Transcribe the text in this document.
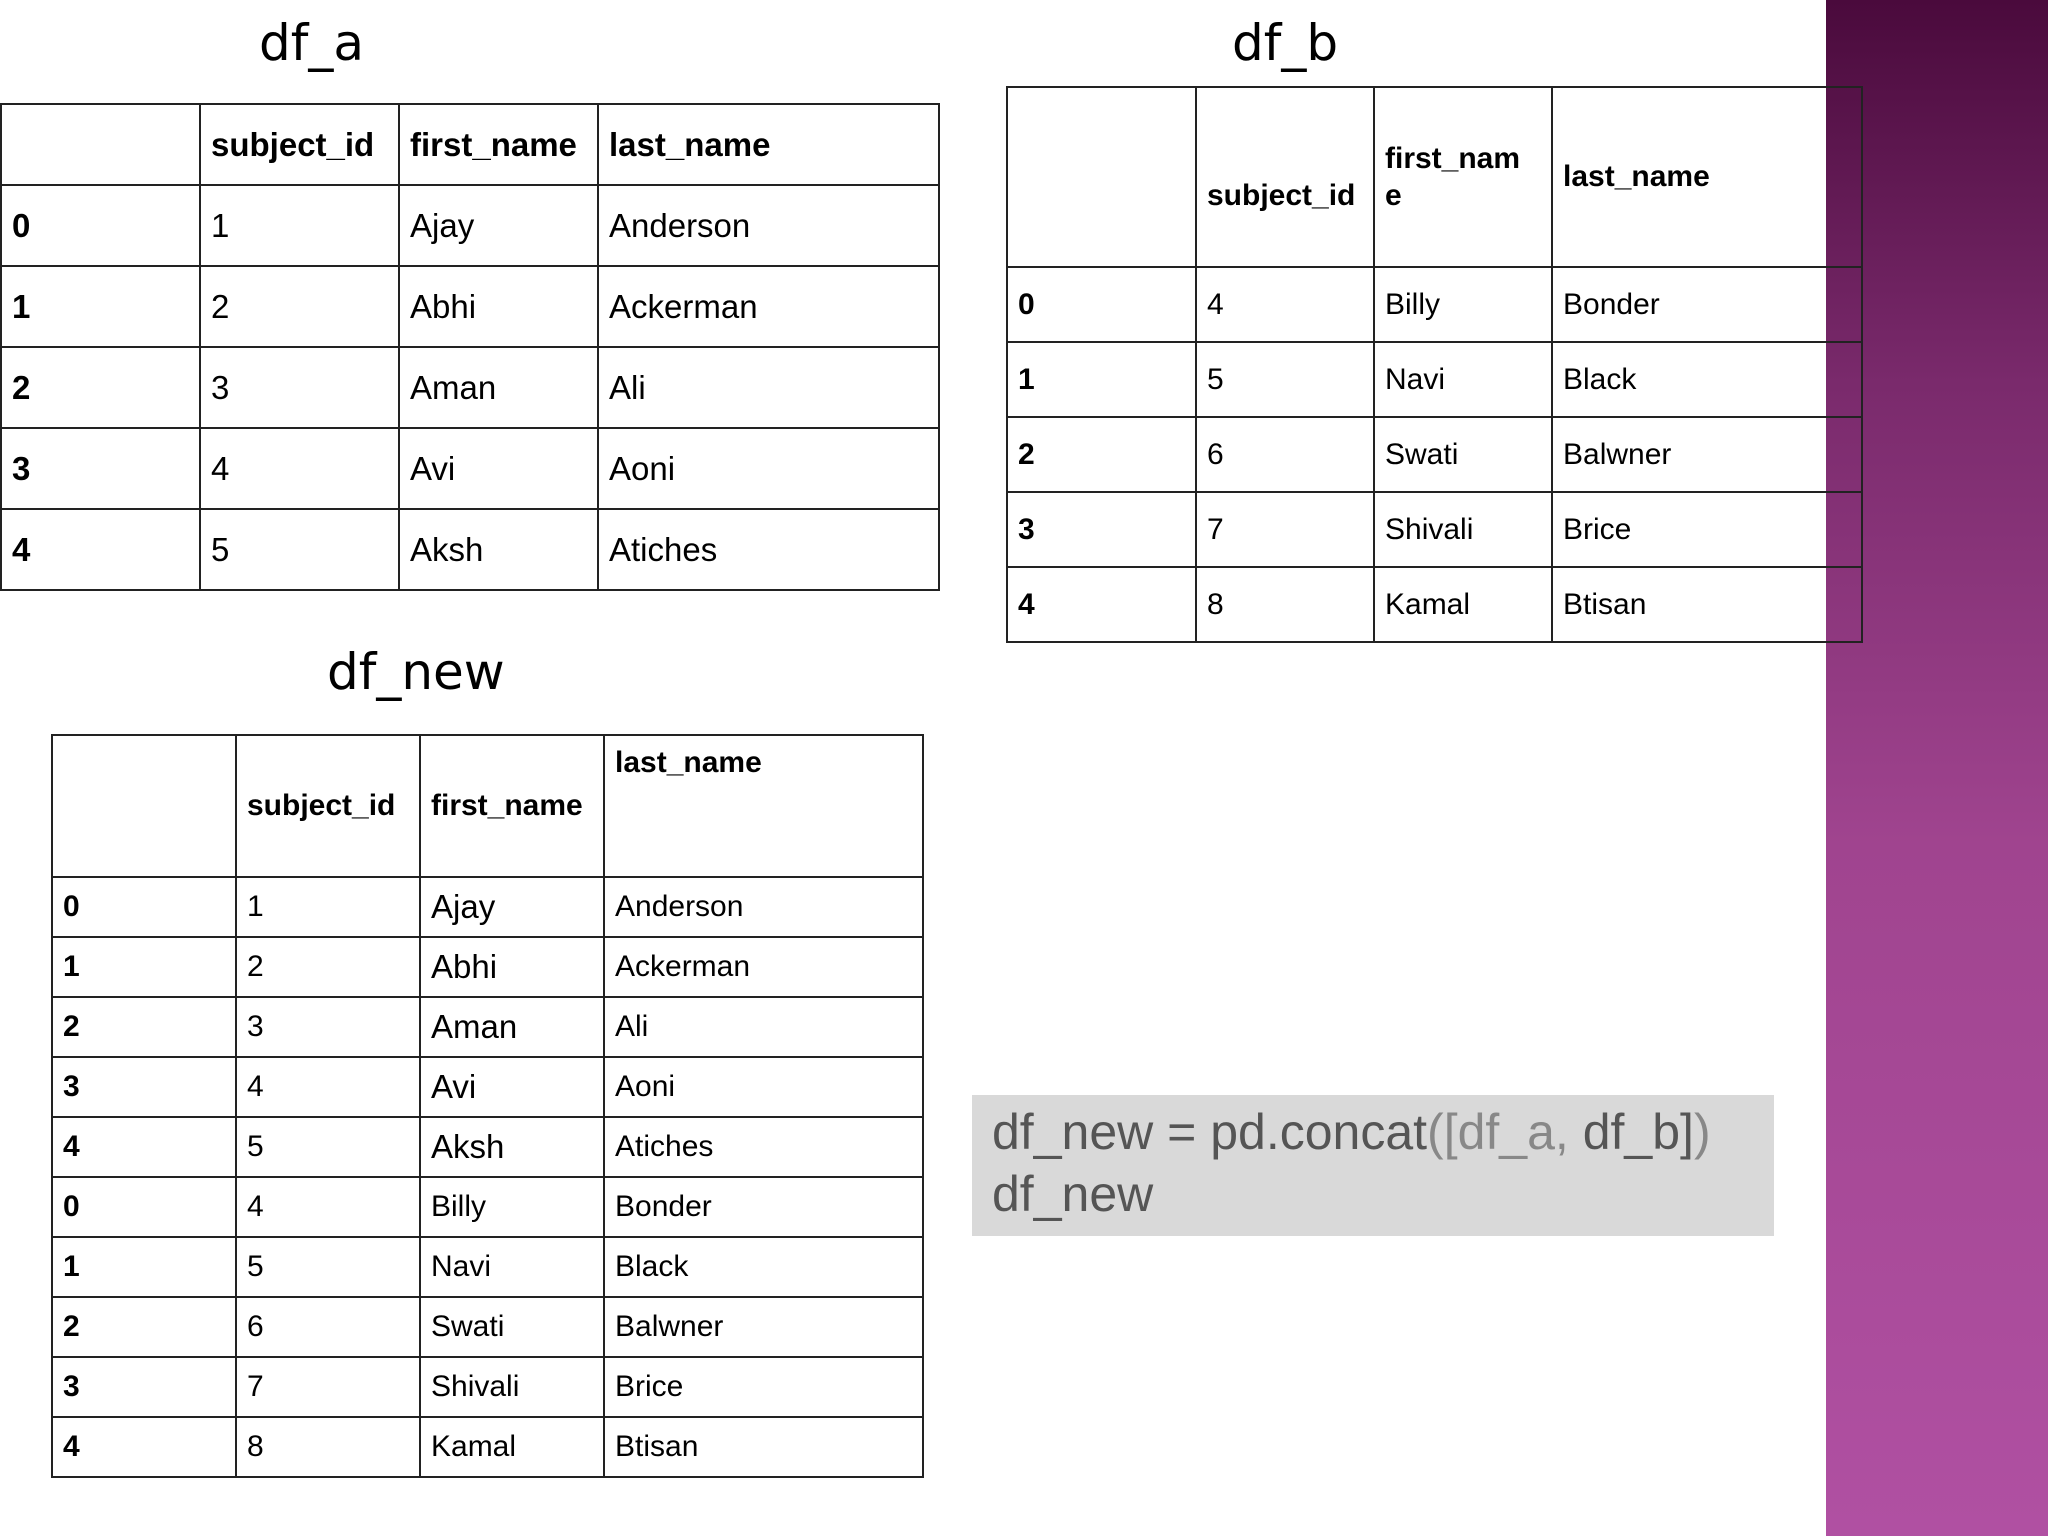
df_a	df_b
df_new
	subject_id	first_name	last_name
0	1	Ajay	Anderson
1	2	Abhi	Ackerman
2	3	Aman	Ali
3	4	Avi	Aoni
4	5	Aksh	Atiches
	subject_id	first_nam e	last_name
0	4	Billy	Bonder
1	5	Navi	Black
2	6	Swati	Balwner
3	7	Shivali	Brice
4	8	Kamal	Btisan
	subject_id	first_name	last_name
0	1	Ajay	Anderson
1	2	Abhi	Ackerman
2	3	Aman	Ali
3	4	Avi	Aoni
4	5	Aksh	Atiches
0	4	Billy	Bonder
1	5	Navi	Black
2	6	Swati	Balwner
3	7	Shivali	Brice
4	8	Kamal	Btisan
df_new = pd.concat([df_a, df_b])
df_new
